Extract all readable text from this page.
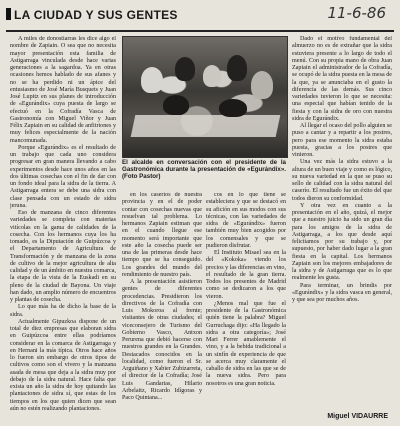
LA CIUDAD Y SUS GENTES	11-6-86

A miles de donostiarras les dice algo el nombre de Zapiain. O sea que no necesita mayor presentación esta familia de Astigarraga vinculada desde hace varias generaciones a la sagardoa. Ya en otras ocasiones hemos hablado de sus afanes y no se ha perdido ni un ápice del entusiasmo de José María Busquets y Juan José Lupitz en sus planes de introducción de «Egurándix» cuya puesta de largo se efectuó en la Cofradía Vasca de Gastronomía con Miguel Viñor y Juan Félix Zapiain en su calidad de anfitriones y muy felices especialmente de la nación mancomunada.

Porque «Egurándix» es el resultado de un trabajo que cada uno considera progresar en gran manera llevando a cabo experimentos desde hace unos años en las dos últimas cosechas con el fin de dar con un fondo ideal para la sidra de la tierra. A Astigarraga entera se debe una sidra con clase pensada con un estado de sidra jeruna.

Eso de manzana de cinco diferentes variedades se completa con materias vitícolas en la gama de calidades de la cosecha. Con los hermanos cuya los ha tomado, es la Diputación de Guipúzcoa y el Departamento de Agricultura de Transformación y de manzana de la zona de cultivo de la mejor agricultura de alta calidad y de un ámbito en nuestra comarca, la etapa de la vista de la Euskadi en su pleno de la ciudad de Bayona. Un viaje han dado, un amplio número de encuentros y plantas de cosecha.

Lo que más ha de dicho la base de la sidra.

Actualmente Gipuzkoa dispone de un total de diez empresas que elaboran sidra en Guipúzcoa entre ellas podríamos considerar en la comarca de Astigarraga y en Hernani la más típica. Otros hace años lo fueron sin embargo de otros tipos de cultivos como son el vivero y la manzana asada de mesa que deja a la sidra muy por debajo de la sidra natural. Hace falta que exista un año la sidra de hoy quitando las plantaciones de sidra sí, que estas de los tiempos en los que quien dicen que sean aún no estén realizando plantaciones.

El alcalde en conversación con el presidente de la Gastronómica durante la presentación de «Egurándix». (Foto Pastor)

en los caseríos de nuestra provincia y en el de poder contar con cosechas nuevas que resuelvan tal problema. Lo hermanos Zapiain estiman que en el cuando llegue ese momento será importante que este año la cosecha puede ser una de las primeras desde hace tiempo que se ha conseguido. Los grandes del mundo del rendimiento de nuestro país.

A la presentación asistieron gentes de diferentes procedencias. Presidieron los directivos de la Cofradía con Luis Mokoroa al frente; visitantes de otras ciudades; el viceconsejero de Turismo del Gobierno Vasco, Antxon Perurena que debió hacerse con nuestros grandes en la Grandes. Destacados conocidos en la localidad, como fueron el Sr. Arguiñano y Xabier Zubizarreta, el director de la Cofradía; José Luis Gandarias, Hilario Arbelaitz, Ricardo Idígoras y Paco Quintana...

cos en lo que tiene se estableciera y que se destacó en su afición en sus modos con sus técnicas, con las variedades de sidra de «Egurándix» fueron también muy bien acogidos por los comensales y que se pudieron disfrutar.

El Instituto Misael sea en la del «Kokoka» viendo los precios y las diferencias en vino, el resultado de la gran tierra. Todos los presentes de Madrid como se dedicaron a los que vieron.

¿Menos mal que fue el presidente de la Gastronómica quién tiene la palabra? Miguel Gurruchaga dijo: «Ha llegado la sidra a otra categoría»; José Mari Ferrer amablemente el vino, y a la bebida tradicional a un sinfín de experiencia de que se acerca muy claramente el caballo de sidra en las que se de la nueva sidra. Pero para nosotros es una gran noticia.

Dado el motivo fundamental del almuerzo no es de extrañar que la sidra estuviera presente a lo largo de todo el menú. Con su propia mano de obra Juan Zapiain el administrador de la Cofradía, se ocupó de la sidra puesta en la mesa de la que, ya se anunciaba en el gusto la diferencia de las demás. Sus cinco variedades tuvieron lo que se necesita: una especial que habían tenido de la fiesta y con la sidra de oro con nuestra sidra de Egurándix.

Al llegar el ocaso del pollo alguien se puso a cantar y a repartir a los postres, pero para ese momento la sidra estaba puesta, gracias a los postres que vinieron.

Una vez más la sidra estuvo a la altura de un buen viaje y como es lógico, su nueva variedad en la que se puso su sello de calidad con la sidra natural del caserío. El resultado fue un éxito del que todos dieron su conformidad.

Y otra vez en cuanto a la presentación en el año, quizá, el mejor que a nuestro juicio ha sido un gran día para los amigos de la sidra de Astigarraga, a los que desde aquí felicitamos por su trabajo y, por supuesto, por haber dado lugar a la gran fiesta en la capital. Los hermanos Zapiain son los mejores embajadores de la sidra y de Astigarraga que es lo que realmente les gusta.

Para terminar, un brindis por «Egurándix» y la sidra vasca en general, y que sea por muchos años.

Miguel VIDAURRE
